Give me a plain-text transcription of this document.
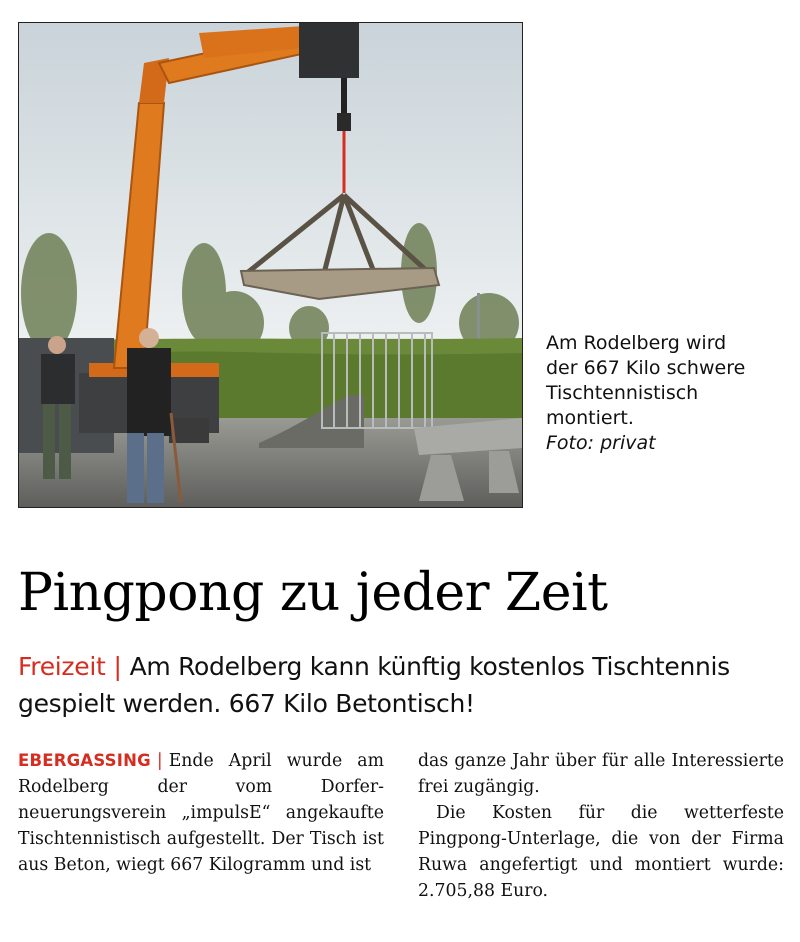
Am Rodelberg wird
der 667 Kilo schwere
Tischtennistisch
montiert.
Foto: privat
Pingpong zu jeder Zeit
Freizeit | Am Rodelberg kann künftig kostenlos Tischtennis gespielt werden. 667 Kilo Betontisch!

EBERGASSING | Ende April wurde am Rodelberg der vom Dorferneuerungsverein „impulsE“ angekaufte Tischtennistisch aufgestellt. Der Tisch ist aus Beton, wiegt 667 Kilogramm und ist

das ganze Jahr über für alle Interessierte frei zugängig.

Die Kosten für die wetterfeste Pingpong-Unterlage, die von der Firma Ruwa angefertigt und montiert wurde: 2.705,88 Euro.
